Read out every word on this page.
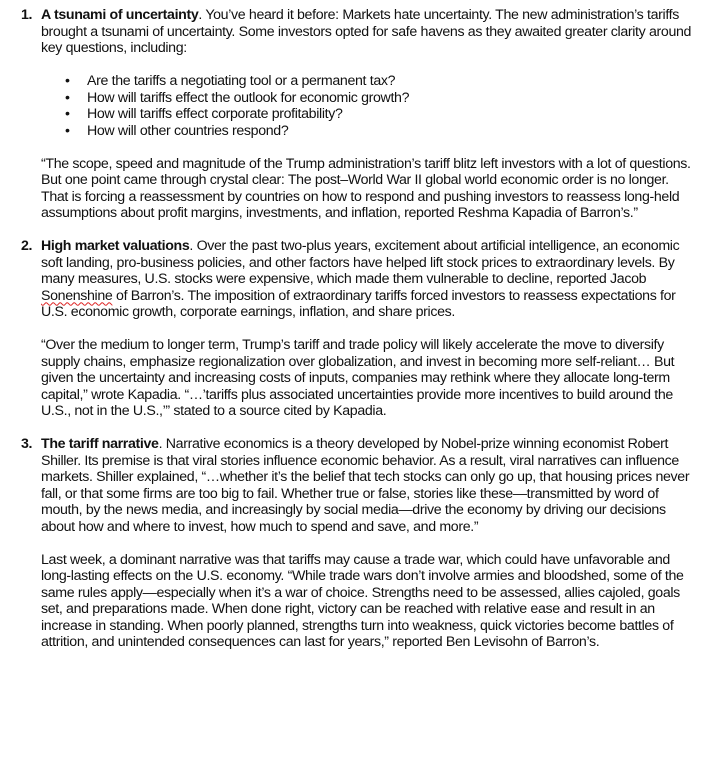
1. A tsunami of uncertainty. You’ve heard it before: Markets hate uncertainty. The new administration’s tariffs brought a tsunami of uncertainty. Some investors opted for safe havens as they awaited greater clarity around key questions, including:

• Are the tariffs a negotiating tool or a permanent tax?
• How will tariffs effect the outlook for economic growth?
• How will tariffs effect corporate profitability?
• How will other countries respond?

“The scope, speed and magnitude of the Trump administration’s tariff blitz left investors with a lot of questions. But one point came through crystal clear: The post–World War II global world economic order is no longer. That is forcing a reassessment by countries on how to respond and pushing investors to reassess long-held assumptions about profit margins, investments, and inflation, reported Reshma Kapadia of Barron’s.”

2. High market valuations. Over the past two-plus years, excitement about artificial intelligence, an economic soft landing, pro-business policies, and other factors have helped lift stock prices to extraordinary levels. By many measures, U.S. stocks were expensive, which made them vulnerable to decline, reported Jacob Sonenshine of Barron’s. The imposition of extraordinary tariffs forced investors to reassess expectations for U.S. economic growth, corporate earnings, inflation, and share prices.

“Over the medium to longer term, Trump’s tariff and trade policy will likely accelerate the move to diversify supply chains, emphasize regionalization over globalization, and invest in becoming more self-reliant… But given the uncertainty and increasing costs of inputs, companies may rethink where they allocate long-term capital,” wrote Kapadia. “…’tariffs plus associated uncertainties provide more incentives to build around the U.S., not in the U.S.,’” stated to a source cited by Kapadia.

3. The tariff narrative. Narrative economics is a theory developed by Nobel-prize winning economist Robert Shiller. Its premise is that viral stories influence economic behavior. As a result, viral narratives can influence markets. Shiller explained, “…whether it’s the belief that tech stocks can only go up, that housing prices never fall, or that some firms are too big to fail. Whether true or false, stories like these—transmitted by word of mouth, by the news media, and increasingly by social media—drive the economy by driving our decisions about how and where to invest, how much to spend and save, and more.”

Last week, a dominant narrative was that tariffs may cause a trade war, which could have unfavorable and long-lasting effects on the U.S. economy. “While trade wars don’t involve armies and bloodshed, some of the same rules apply—especially when it’s a war of choice. Strengths need to be assessed, allies cajoled, goals set, and preparations made. When done right, victory can be reached with relative ease and result in an increase in standing. When poorly planned, strengths turn into weakness, quick victories become battles of attrition, and unintended consequences can last for years,” reported Ben Levisohn of Barron’s.
